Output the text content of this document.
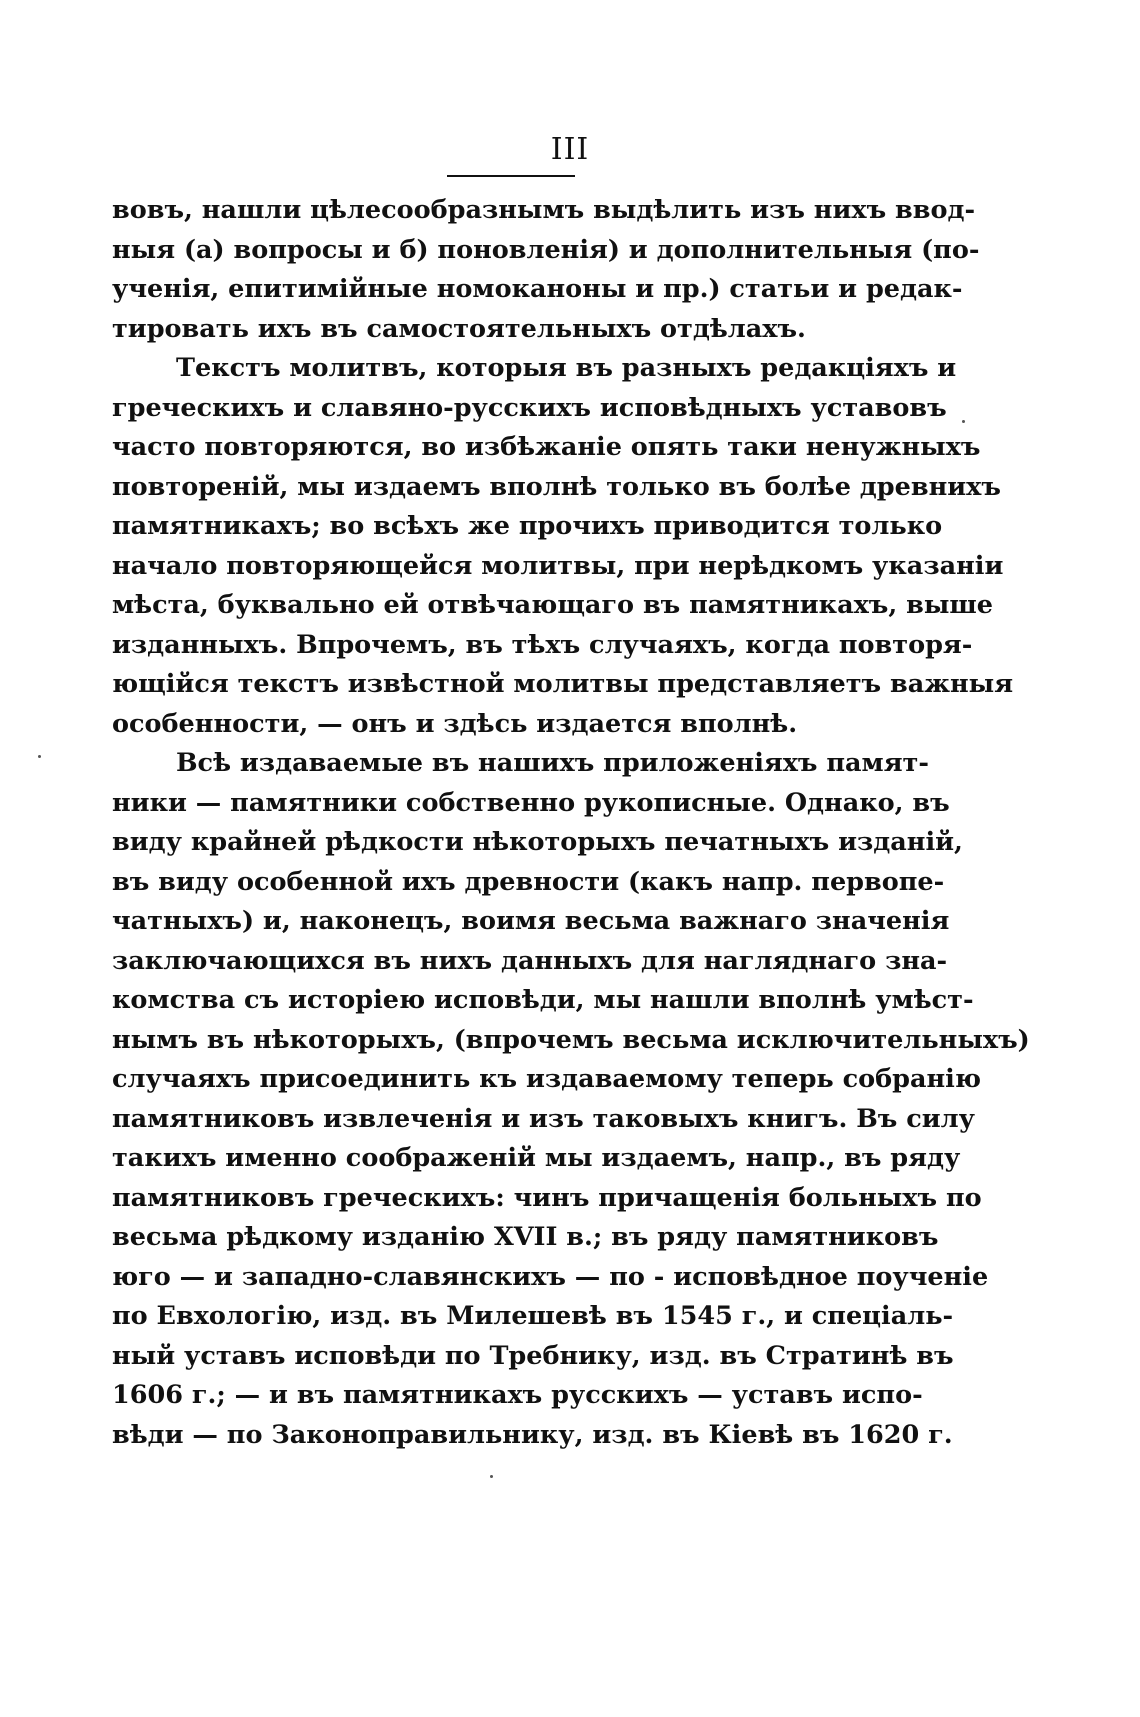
III

вовъ, нашли цѣлесообразнымъ выдѣлить изъ нихъ ввод-
ныя (а) вопросы и б) поновленія) и дополнительныя (по-
ученія, епитимiйные номоканоны и пр.) статьи и редак-
тировать ихъ въ самостоятельныхъ отдѣлахъ.

Текстъ молитвъ, которыя въ разныхъ редакціяхъ и
греческихъ и славяно-русскихъ исповѣдныхъ уставовъ
часто повторяются, во избѣжаніе опять таки ненужныхъ
повтореній, мы издаемъ вполнѣ только въ болѣе древнихъ
памятникахъ; во всѣхъ же прочихъ приводится только
начало повторяющейся молитвы, при нерѣдкомъ указаніи
мѣста, буквально ей отвѣчающаго въ памятникахъ, выше
изданныхъ. Впрочемъ, въ тѣхъ случаяхъ, когда повторя-
ющійся текстъ извѣстной молитвы представляетъ важныя
особенности, — онъ и здѣсь издается вполнѣ.

Всѣ издаваемые въ нашихъ приложеніяхъ памят-
ники — памятники собственно рукописные. Однако, въ
виду крайней рѣдкости нѣкоторыхъ печатныхъ изданій,
въ виду особенной ихъ древности (какъ напр. первопе-
чатныхъ) и, наконецъ, воимя весьма важнаго значенія
заключающихся въ нихъ данныхъ для нагляднаго зна-
комства съ исторіею исповѣди, мы нашли вполнѣ умѣст-
нымъ въ нѣкоторыхъ, (впрочемъ весьма исключительныхъ)
случаяхъ присоединить къ издаваемому теперь собранію
памятниковъ извлеченія и изъ таковыхъ книгъ. Въ силу
такихъ именно соображеній мы издаемъ, напр., въ ряду
памятниковъ греческихъ: чинъ причащенія больныхъ по
весьма рѣдкому изданію XVII в.; въ ряду памятниковъ
юго — и западно-славянскихъ — по - исповѣдное поученіе
по Евхологію, изд. въ Милешевѣ въ 1545 г., и спеціаль-
ный уставъ исповѣди по Требнику, изд. въ Стратинѣ въ
1606 г.; — и въ памятникахъ русскихъ — уставъ испо-
вѣди — по Законоправильнику, изд. въ Кіевѣ въ 1620 г.
